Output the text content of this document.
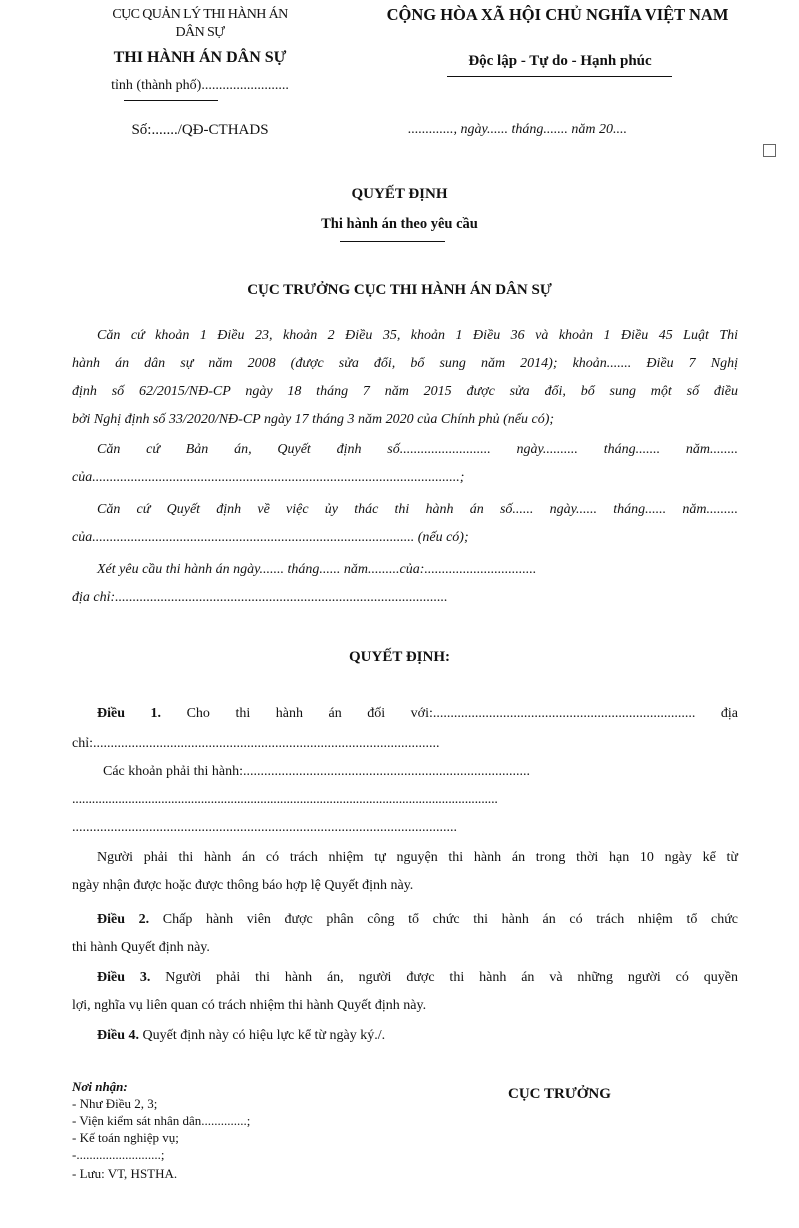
CỤC QUẢN LÝ THI HÀNH ÁN
DÂN SỰ
THI HÀNH ÁN DÂN SỰ
tỉnh (thành phố).........................
CỘNG HÒA XÃ HỘI CHỦ NGHĨA VIỆT NAM
Độc lập - Tự do - Hạnh phúc
Số:......./QĐ-CTHADS	............., ngày...... tháng....... năm 20....
QUYẾT ĐỊNH
Thi hành án theo yêu cầu
CỤC TRƯỞNG CỤC THI HÀNH ÁN DÂN SỰ
Căn cứ khoản 1 Điều 23, khoản 2 Điều 35, khoản 1 Điều 36 và khoản 1 Điều 45 Luật Thi
hành án dân sự năm 2008 (được sửa đổi, bổ sung năm 2014); khoản....... Điều 7 Nghị
định số 62/2015/NĐ-CP ngày 18 tháng 7 năm 2015 được sửa đổi, bổ sung một số điều
bởi Nghị định số 33/2020/NĐ-CP ngày 17 tháng 3 năm 2020 của Chính phủ (nếu có);
Căn cứ Bản án, Quyết định số.......................... ngày.......... tháng....... năm........
của.........................................................................................................;
Căn cứ Quyết định về việc ủy thác thi hành án số...... ngày...... tháng...... năm.........
của............................................................................................ (nếu có);
Xét yêu cầu thi hành án ngày....... tháng...... năm.........của:................................
địa chỉ:...............................................................................................
QUYẾT ĐỊNH:
Điều 1. Cho thi hành án đối với:........................................................................... địa
chỉ:...................................................................................................
Các khoản phải thi hành:..................................................................................
.................................................................................................................................
..............................................................................................................
Người phải thi hành án có trách nhiệm tự nguyện thi hành án trong thời hạn 10 ngày kể từ
ngày nhận được hoặc được thông báo hợp lệ Quyết định này.
Điều 2. Chấp hành viên được phân công tổ chức thi hành án có trách nhiệm tổ chức
thi hành Quyết định này.
Điều 3. Người phải thi hành án, người được thi hành án và những người có quyền
lợi, nghĩa vụ liên quan có trách nhiệm thi hành Quyết định này.
Điều 4. Quyết định này có hiệu lực kể từ ngày ký./.
Nơi nhận:
- Như Điều 2, 3;
- Viện kiểm sát nhân dân..............;
- Kế toán nghiệp vụ;
-..........................;
- Lưu: VT, HSTHA.
CỤC TRƯỞNG
